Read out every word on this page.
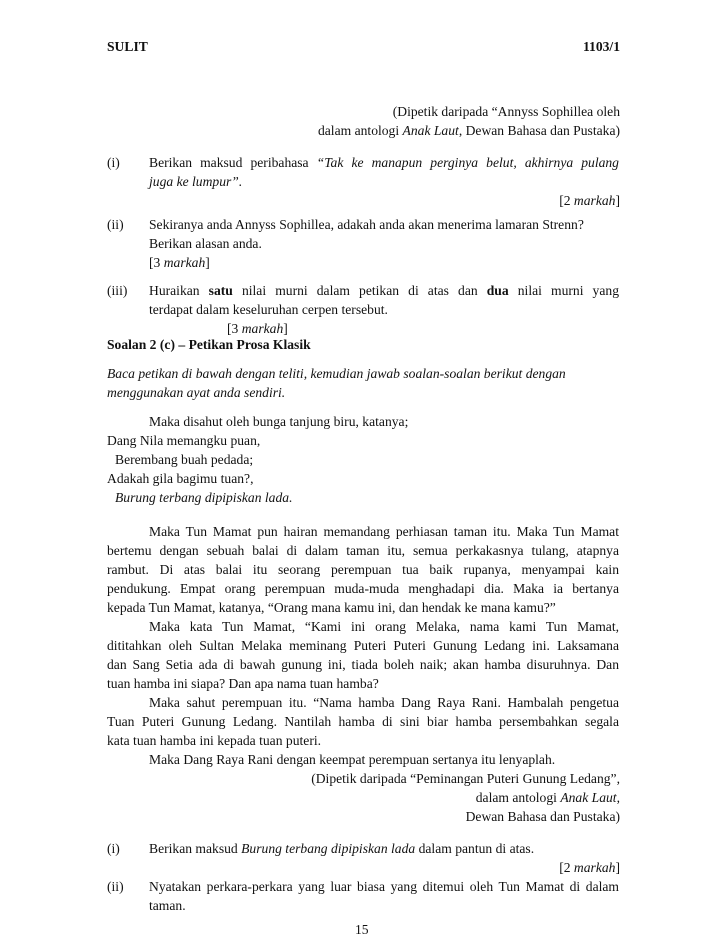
SULIT	1103/1
(Dipetik daripada “Annyss Sophillea oleh
dalam antologi Anak Laut, Dewan Bahasa dan Pustaka)
(i) Berikan maksud peribahasa “Tak ke manapun perginya belut, akhirnya pulang
juga ke lumpur”.
[2 markah]
(ii) Sekiranya anda Annyss Sophillea, adakah anda akan menerima lamaran Strenn?
Berikan alasan anda.
[3 markah]
(iii) Huraikan satu nilai murni dalam petikan di atas dan dua nilai murni yang
terdapat dalam keseluruhan cerpen tersebut.
[3 markah]
Soalan 2 (c) – Petikan Prosa Klasik
Baca petikan di bawah dengan teliti, kemudian jawab soalan-soalan berikut dengan
menggunakan ayat anda sendiri.
Maka disahut oleh bunga tanjung biru, katanya;
Dang Nila memangku puan,
Berembang buah pedada;
Adakah gila bagimu tuan?,
Burung terbang dipipiskan lada.
Maka Tun Mamat pun hairan memandang perhiasan taman itu. Maka Tun Mamat
bertemu dengan sebuah balai di dalam taman itu, semua perkakasnya tulang, atapnya
rambut. Di atas balai itu seorang perempuan tua baik rupanya, menyampai kain
pendukung. Empat orang perempuan muda-muda menghadapi dia. Maka ia bertanya
kepada Tun Mamat, katanya, “Orang mana kamu ini, dan hendak ke mana kamu?”
Maka kata Tun Mamat, “Kami ini orang Melaka, nama kami Tun Mamat,
dititahkan oleh Sultan Melaka meminang Puteri Puteri Gunung Ledang ini. Laksamana
dan Sang Setia ada di bawah gunung ini, tiada boleh naik; akan hamba disuruhnya. Dan
tuan hamba ini siapa? Dan apa nama tuan hamba?
Maka sahut perempuan itu. “Nama hamba Dang Raya Rani. Hambalah pengetua
Tuan Puteri Gunung Ledang. Nantilah hamba di sini biar hamba persembahkan segala
kata tuan hamba ini kepada tuan puteri.
Maka Dang Raya Rani dengan keempat perempuan sertanya itu lenyaplah.
(Dipetik daripada “Peminangan Puteri Gunung Ledang”,
dalam antologi Anak Laut,
Dewan Bahasa dan Pustaka)
(i) Berikan maksud Burung terbang dipipiskan lada dalam pantun di atas.
[2 markah]
(ii) Nyatakan perkara-perkara yang luar biasa yang ditemui oleh Tun Mamat di dalam
taman.
15
